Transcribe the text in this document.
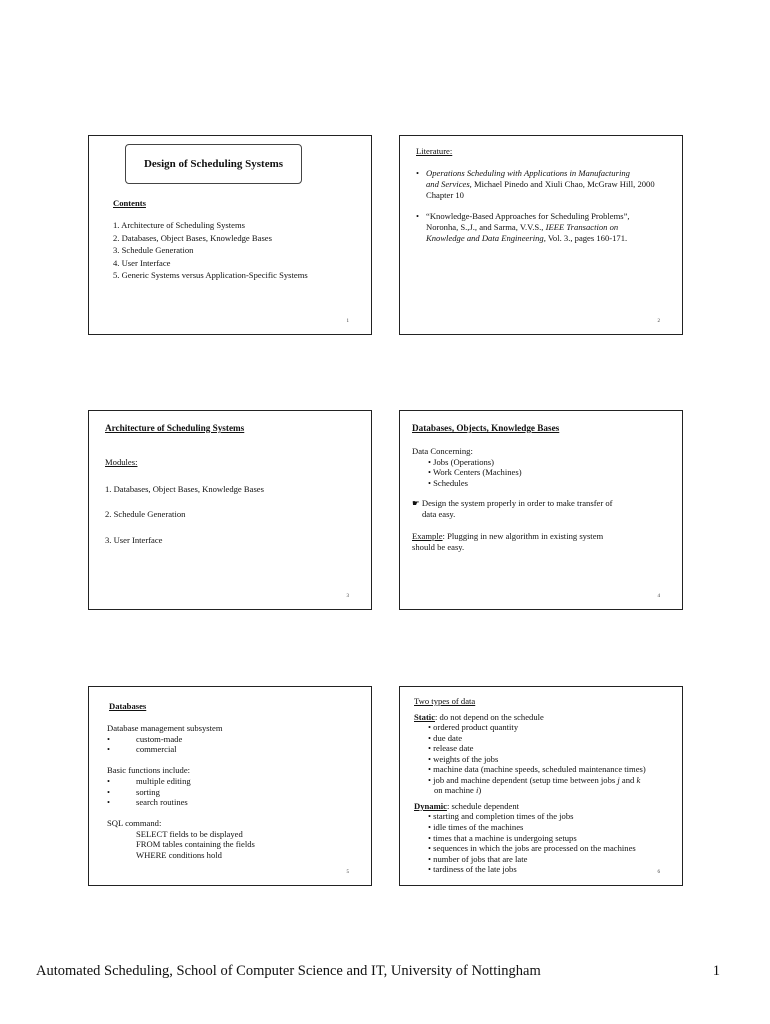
Design of Scheduling Systems
Contents
1. Architecture of Scheduling Systems
2. Databases, Object Bases, Knowledge Bases
3. Schedule Generation
4. User Interface
5. Generic Systems versus Application-Specific Systems
1
Literature:
• Operations Scheduling with Applications in Manufacturing
and Services, Michael Pinedo and Xiuli Chao, McGraw Hill, 2000
Chapter 10
• “Knowledge-Based Approaches for Scheduling Problems”,
Noronha, S.,J., and Sarma, V.V.S., IEEE Transaction on
Knowledge and Data Engineering, Vol. 3., pages 160-171.
2
Architecture of Scheduling Systems
Modules:
1. Databases, Object Bases, Knowledge Bases
2. Schedule Generation
3. User Interface
3
Databases, Objects, Knowledge Bases
Data Concerning:
• Jobs (Operations)
• Work Centers (Machines)
• Schedules
☛ Design the system properly in order to make transfer of
data easy.
Example: Plugging in new algorithm in existing system
should be easy.
4
Databases
Database management subsystem
•	custom-made
•	commercial
Basic functions include:
•	multiple editing
•	sorting
•	search routines
SQL command:
SELECT fields to be displayed
FROM tables containing the fields
WHERE conditions hold
5
Two types of data
Static: do not depend on the schedule
• ordered product quantity
• due date
• release date
• weights of the jobs
• machine data (machine speeds, scheduled maintenance times)
• job and machine dependent (setup time between jobs j and k
on machine i)
Dynamic: schedule dependent
• starting and completion times of the jobs
• idle times of the machines
• times that a machine is undergoing setups
• sequences in which the jobs are processed on the machines
• number of jobs that are late
• tardiness of the late jobs	6
Automated Scheduling, School of Computer Science and IT, University of Nottingham	1
